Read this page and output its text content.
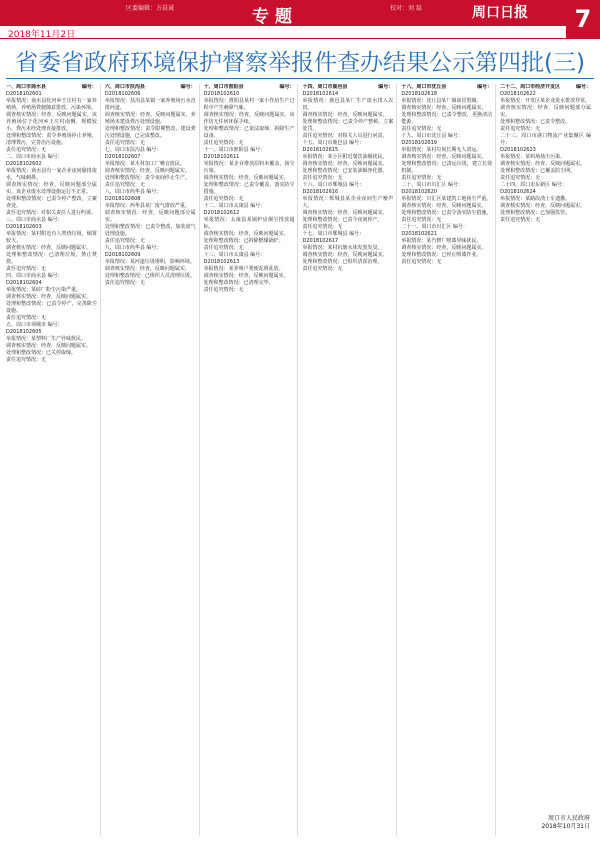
2018年11月2日
区委编辑：方晨诚	专题	校对：刘 磊	周口日报	7
省委省政府环境保护督察举报件查办结果公示第四批(三)
一、周口市商水县	编号：
D2018102601
举报情况：商水县化河乡王庄村有一家养殖场，养殖场粪便随意排放，污染环境。
调查核实情况：经查，反映问题属实。该养殖场位于化河乡王庄村南侧，规模较小，粪污未经处理直接排放。
处理和整改情况：责令养殖场停止养殖，清理粪污，完善治污设施。
责任追究情况：无
二、周口市商水县 编号：
D2018102602
举报情况：商水县有一家企业夜间偷排废水，气味刺鼻。
调查核实情况：经查，反映问题部分属实。该企业废水处理设施运行不正常。
处理和整改情况：已责令停产整改，立案查处。
责任追究情况：对相关责任人进行约谈。
三、周口市商水县 编号：
D2018102603
举报情况：某村附近有人焚烧垃圾，烟雾较大。
调查核实情况：经查，反映问题属实。
处理和整改情况：已清理垃圾，禁止焚烧。
责任追究情况：无
四、周口市商水县 编号：
D2018102604
举报情况：某砖厂粉尘污染严重。
调查核实情况：经查，反映问题属实。
处理和整改情况：已责令停产，完善除尘设施。
责任追究情况：无
五、周口市项城市 编号：
D2018102605
举报情况：某塑料厂生产异味扰民。
调查核实情况：经查，反映问题属实。
处理和整改情况：已关停取缔。
责任追究情况：无
六、周口市扶沟县	编号：
D2018102606
举报情况：扶沟县某镇一家养殖场污水直排河道。
调查核实情况：经查，反映问题属实。养殖场未建设粪污处理设施。
处理和整改情况：责令限期整改，建设粪污处理设施，已完成整改。
责任追究情况：无
七、周口市扶沟县 编号：
D2018102607
举报情况：某木材加工厂噪音扰民。
调查核实情况：经查，反映问题属实。
处理和整改情况：责令夜间停止生产。
责任追究情况：无
八、周口市西华县 编号：
D2018102608
举报情况：西华县某厂废气排放严重。
调查核实情况：经查，反映问题部分属实。
处理和整改情况：已责令整改，加装废气处理设施。
责任追究情况：无
九、周口市西华县 编号：
D2018102609
举报情况：某河道垃圾堆积，影响环境。
调查核实情况：经查，反映问题属实。
处理和整改情况：已组织人员清理垃圾。
责任追究情况：无
十、周口市淮阳县	编号：
D2018102610
举报情况：淮阳县某村一家小作坊生产过程中产生刺鼻气味。
调查核实情况：经查，反映问题属实。该作坊无任何环保手续。
处理和整改情况：已依法取缔，拆除生产设备。
责任追究情况：无
十一、周口市淮阳县 编号：
D2018102611
举报情况：某企业堆放原料未覆盖，扬尘污染。
调查核实情况：经查，反映问题属实。
处理和整改情况：已责令覆盖，落实防尘措施。
责任追究情况：无
十二、周口市太康县 编号：
D2018102612
举报情况：太康县某锅炉房烟尘排放超标。
调查核实情况：经查，反映问题属实。
处理和整改情况：已拆除燃煤锅炉。
责任追究情况：无
十三、周口市太康县 编号：
D2018102613
举报情况：某养殖户粪便乱堆乱放。
调查核实情况：经查，反映问题属实。
处理和整改情况：已清理完毕。
责任追究情况：无
十四、周口市鹿邑县	编号：
D2018102614
举报情况：鹿邑县某厂生产废水排入农田。
调查核实情况：经查，反映问题属实。
处理和整改情况：已责令停产整顿，立案处罚。
责任追究情况：对相关人员进行问责。
十五、周口市鹿邑县 编号：
D2018102615
举报情况：某小区附近餐饮油烟扰民。
调查核实情况：经查，反映问题属实。
处理和整改情况：已安装油烟净化器。
责任追究情况：无
十六、周口市郸城县 编号：
D2018102616
举报情况：郸城县某企业夜间生产噪声大。
调查核实情况：经查，反映问题属实。
处理和整改情况：已责令夜间停产。
责任追究情况：无
十七、周口市郸城县 编号：
D2018102617
举报情况：某村坑塘水体发黑发臭。
调查核实情况：经查，反映问题属实。
处理和整改情况：已组织清淤治理。
责任追究情况：无
十八、周口市沈丘县	编号：
D2018102618
举报情况：沈丘县某厂烟囱冒黑烟。
调查核实情况：经查，反映问题属实。
处理和整改情况：已责令整改，更换清洁能源。
责任追究情况：无
十九、周口市沈丘县 编号：
D2018102619
举报情况：某村垃圾长期无人清运。
调查核实情况：经查，反映问题属实。
处理和整改情况：已清运垃圾，建立长效机制。
责任追究情况：无
二十、周口市川汇区 编号：
D2018102620
举报情况：川汇区某建筑工地扬尘严重。
调查核实情况：经查，反映问题属实。
处理和整改情况：已责令落实防尘措施。
责任追究情况：无
二十一、周口市川汇区 编号：
D2018102621
举报情况：某汽修厂喷漆异味扰民。
调查核实情况：经查，反映问题属实。
处理和整改情况：已停止喷漆作业。
责任追究情况：无
二十二、周口市经济开发区	编号：
D2018102622
举报情况：开发区某企业废水排放异常。
调查核实情况：经查，反映问题部分属实。
处理和整改情况：已责令整改。
责任追究情况：无
二十三、周口市港口物流产业集聚区 编号：
D2018102623
举报情况：某料场扬尘污染。
调查核实情况：经查，反映问题属实。
处理和整改情况：已覆盖防尘网。
责任追究情况：无
二十四、周口市东新区 编号：
D2018102624
举报情况：某路段渣土车遗撒。
调查核实情况：经查，反映问题属实。
处理和整改情况：已加强监管。
责任追究情况：无
周口市人民政府
2018年10月31日
